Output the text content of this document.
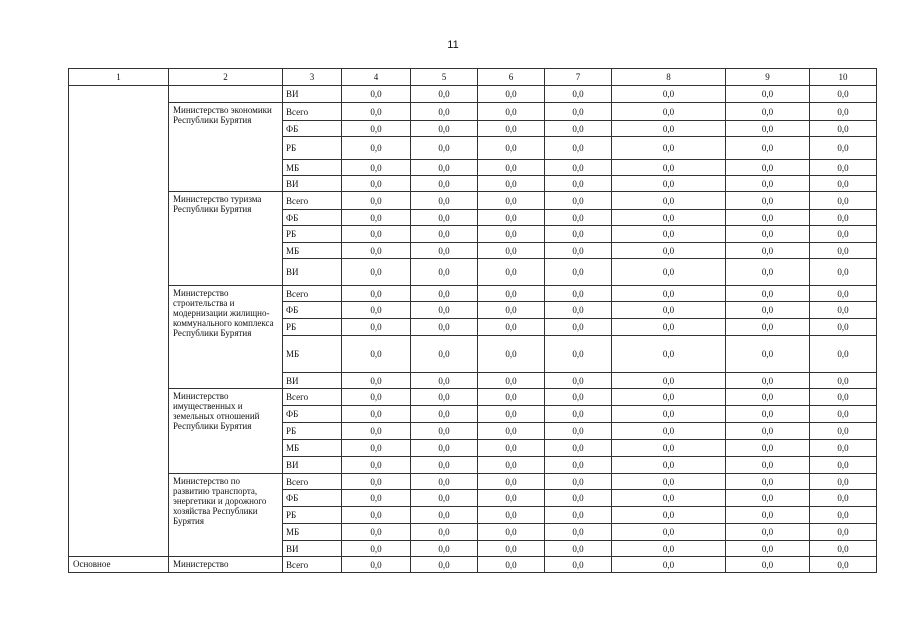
11
1	2	3	4	5	6	7	8	9	10
		ВИ	0,0	0,0	0,0	0,0	0,0	0,0	0,0
	Министерство экономики Республики Бурятия	Всего	0,0	0,0	0,0	0,0	0,0	0,0	0,0
		ФБ	0,0	0,0	0,0	0,0	0,0	0,0	0,0
		РБ	0,0	0,0	0,0	0,0	0,0	0,0	0,0
		МБ	0,0	0,0	0,0	0,0	0,0	0,0	0,0
		ВИ	0,0	0,0	0,0	0,0	0,0	0,0	0,0
	Министерство туризма Республики Бурятия	Всего	0,0	0,0	0,0	0,0	0,0	0,0	0,0
		ФБ	0,0	0,0	0,0	0,0	0,0	0,0	0,0
		РБ	0,0	0,0	0,0	0,0	0,0	0,0	0,0
		МБ	0,0	0,0	0,0	0,0	0,0	0,0	0,0
		ВИ	0,0	0,0	0,0	0,0	0,0	0,0	0,0
	Министерство строительства и модернизации жилищно-коммунального комплекса Республики Бурятия	Всего	0,0	0,0	0,0	0,0	0,0	0,0	0,0
		ФБ	0,0	0,0	0,0	0,0	0,0	0,0	0,0
		РБ	0,0	0,0	0,0	0,0	0,0	0,0	0,0
		МБ	0,0	0,0	0,0	0,0	0,0	0,0	0,0
		ВИ	0,0	0,0	0,0	0,0	0,0	0,0	0,0
	Министерство имущественных и земельных отношений Республики Бурятия	Всего	0,0	0,0	0,0	0,0	0,0	0,0	0,0
		ФБ	0,0	0,0	0,0	0,0	0,0	0,0	0,0
		РБ	0,0	0,0	0,0	0,0	0,0	0,0	0,0
		МБ	0,0	0,0	0,0	0,0	0,0	0,0	0,0
		ВИ	0,0	0,0	0,0	0,0	0,0	0,0	0,0
	Министерство по развитию транспорта, энергетики и дорожного хозяйства Республики Бурятия	Всего	0,0	0,0	0,0	0,0	0,0	0,0	0,0
		ФБ	0,0	0,0	0,0	0,0	0,0	0,0	0,0
		РБ	0,0	0,0	0,0	0,0	0,0	0,0	0,0
		МБ	0,0	0,0	0,0	0,0	0,0	0,0	0,0
		ВИ	0,0	0,0	0,0	0,0	0,0	0,0	0,0
Основное	Министерство	Всего	0,0	0,0	0,0	0,0	0,0	0,0	0,0
